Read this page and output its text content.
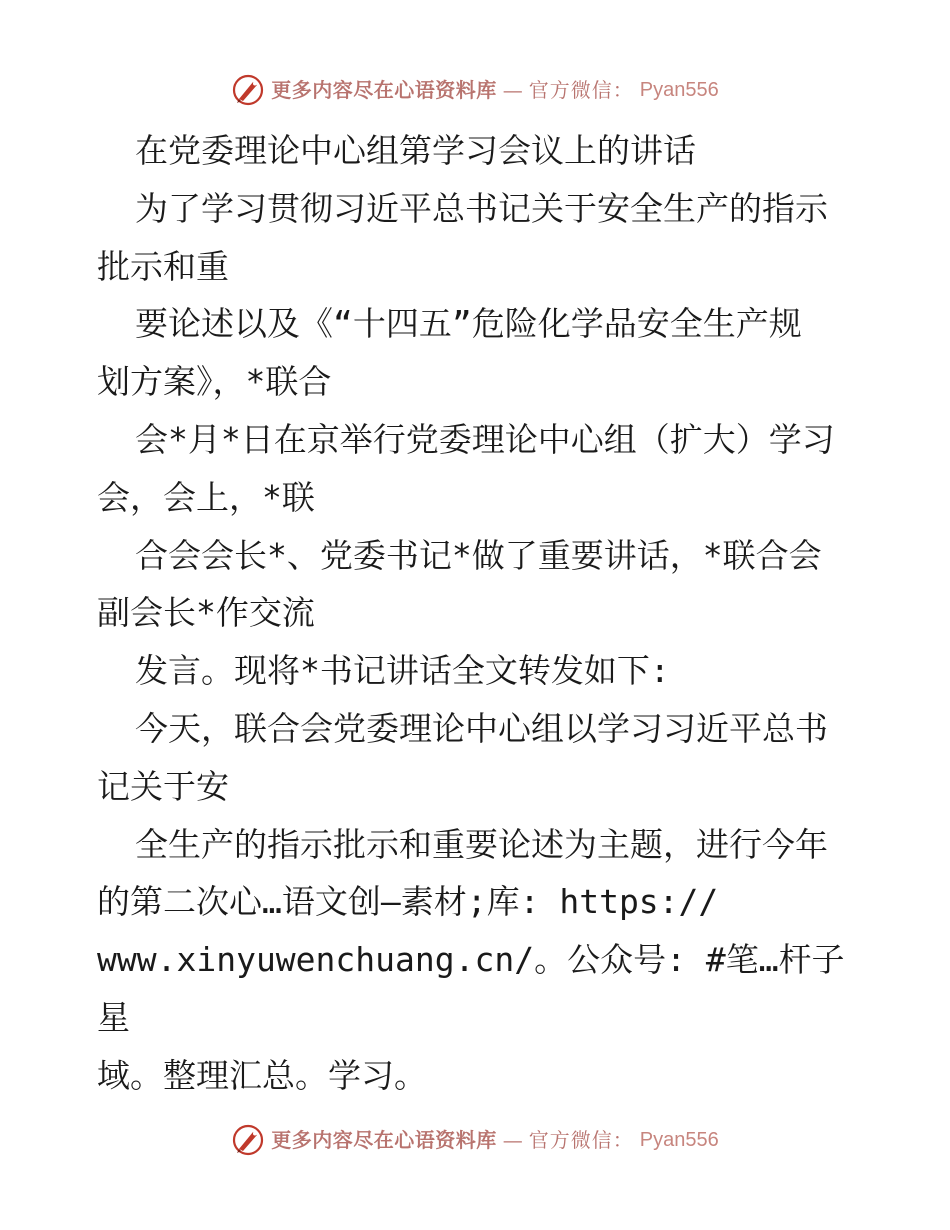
更多内容尽在心语资料库 — 官方微信： Pyan556

在党委理论中心组第学习会议上的讲话

为了学习贯彻习近平总书记关于安全生产的指示

批示和重

要论述以及《“十四五”危险化学品安全生产规

划方案》，*联合

会*月*日在京举行党委理论中心组（扩大）学习

会，会上，*联

合会会长*、党委书记*做了重要讲话，*联合会

副会长*作交流

发言。现将*书记讲话全文转发如下:

今天，联合会党委理论中心组以学习习近平总书

记关于安

全生产的指示批示和重要论述为主题，进行今年

的第二次心…语文创—素材;库: https://

www.xinyuwenchuang.cn/。公众号: #笔…杆子星

域。整理汇总。学习。

更多内容尽在心语资料库 — 官方微信： Pyan556
